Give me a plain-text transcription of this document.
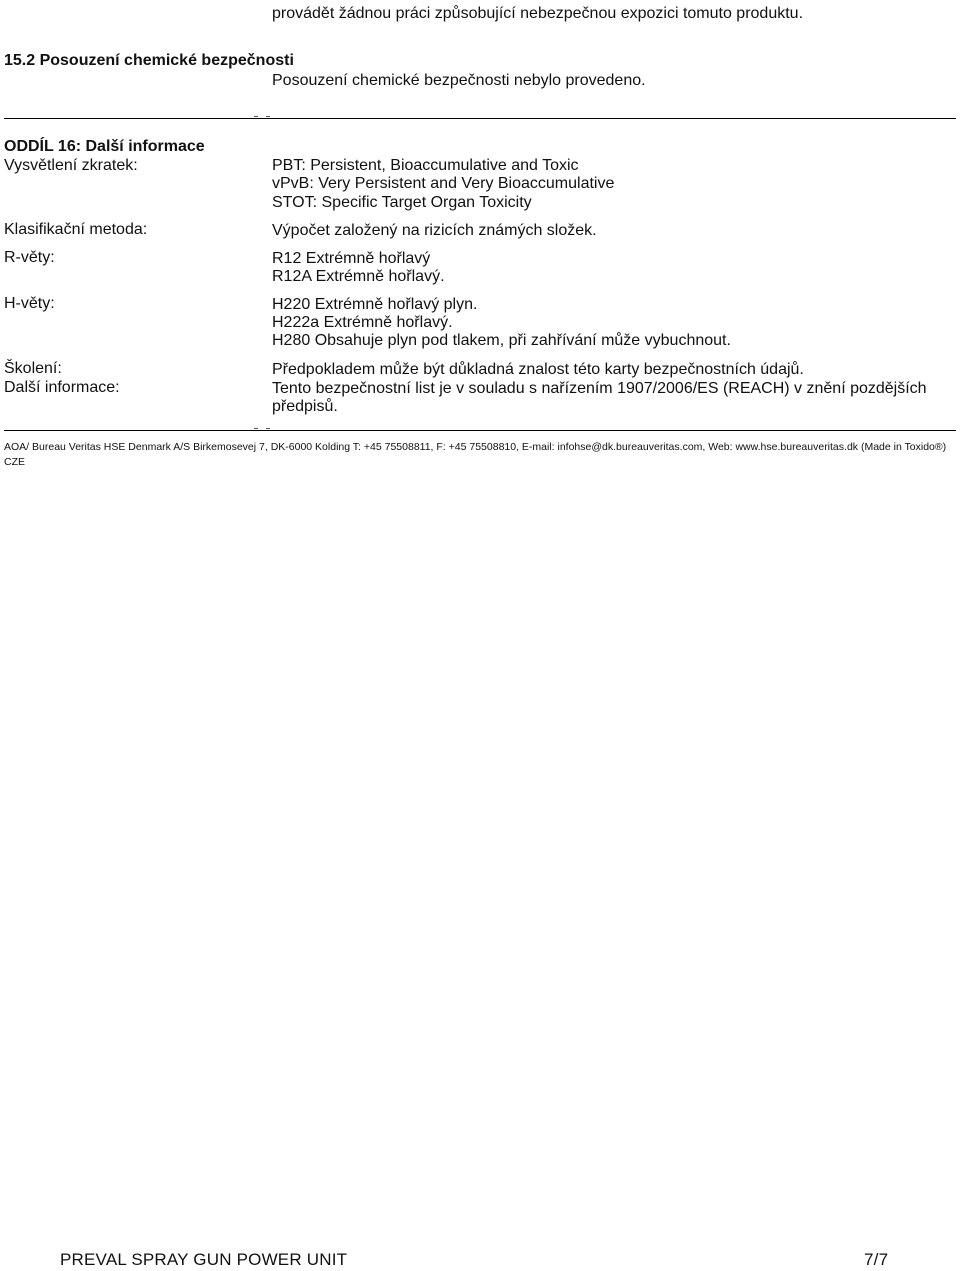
provádět žádnou práci způsobující nebezpečnou expozici tomuto produktu.
15.2 Posouzení chemické bezpečnosti
Posouzení chemické bezpečnosti nebylo provedeno.
ODDÍL 16: Další informace
Vysvětlení zkratek:	PBT: Persistent, Bioaccumulative and Toxic
vPvB: Very Persistent and Very Bioaccumulative
STOT: Specific Target Organ Toxicity
Klasifikační metoda:	Výpočet založený na rizicích známých složek.
R-věty:	R12 Extrémně hořlavý
R12A Extrémně hořlavý.
H-věty:	H220 Extrémně hořlavý plyn.
H222a Extrémně hořlavý.
H280 Obsahuje plyn pod tlakem, při zahřívání může vybuchnout.
Školení:	Předpokladem může být důkladná znalost této karty bezpečnostních údajů.
Další informace:	Tento bezpečnostní list je v souladu s nařízením 1907/2006/ES (REACH) v znění pozdějších
předpisů.
AOA/ Bureau Veritas HSE Denmark A/S Birkemosevej 7, DK-6000 Kolding T: +45 75508811, F: +45 75508810, E-mail: infohse@dk.bureauveritas.com, Web: www.hse.bureauveritas.dk (Made in Toxido®) CZE
PREVAL SPRAY GUN POWER UNIT	7/7
